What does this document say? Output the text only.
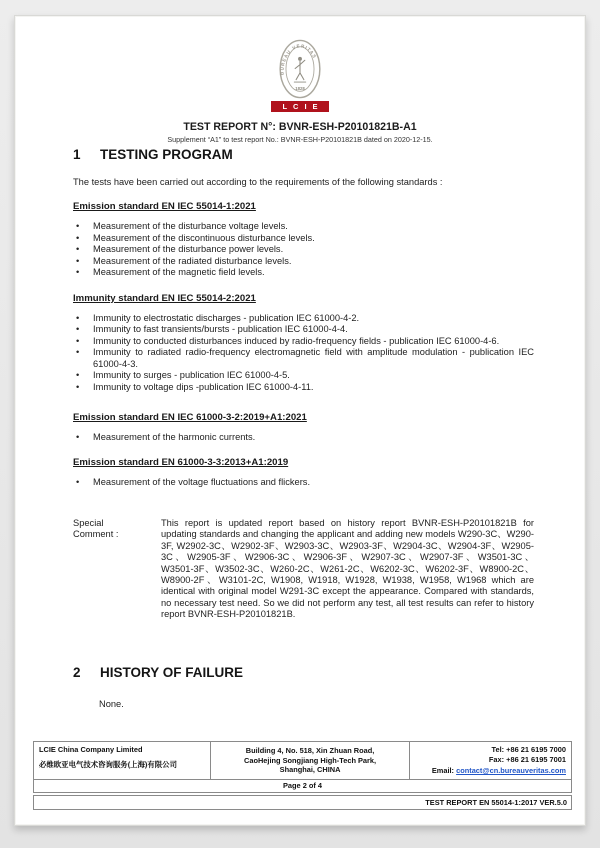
BUREAU VERITAS
1828
LCIE
TEST REPORT N°: BVNR-ESH-P20101821B-A1
Supplement “A1” to test report No.: BVNR-ESH-P20101821B dated on 2020-12-15.
1 TESTING PROGRAM

The tests have been carried out according to the requirements of the following standards :

Emission standard EN IEC 55014-1:2021
• Measurement of the disturbance voltage levels.
• Measurement of the discontinuous disturbance levels.
• Measurement of the disturbance power levels.
• Measurement of the radiated disturbance levels.
• Measurement of the magnetic field levels.
Immunity standard EN IEC 55014-2:2021
• Immunity to electrostatic discharges - publication IEC 61000-4-2.
• Immunity to fast transients/bursts - publication IEC 61000-4-4.
• Immunity to conducted disturbances induced by radio-frequency fields - publication IEC 61000-4-6.
• Immunity to radiated radio-frequency electromagnetic field with amplitude modulation - publication IEC 61000-4-3.
• Immunity to surges - publication IEC 61000-4-5.
• Immunity to voltage dips -publication IEC 61000-4-11.
Emission standard EN IEC 61000-3-2:2019+A1:2021
• Measurement of the harmonic currents.
Emission standard EN 61000-3-3:2013+A1:2019
• Measurement of the voltage fluctuations and flickers.
Special
Comment :
This report is updated report based on history report BVNR-ESH-P20101821B for updating standards and changing the applicant and adding new models W290-3C、W290-3F, W2902-3C、W2902-3F、W2903-3C、W2903-3F、W2904-3C、W2904-3F、W2905-3C、W2905-3F、W2906-3C、W2906-3F、W2907-3C、W2907-3F、W3501-3C、W3501-3F、W3502-3C、W260-2C、W261-2C、W6202-3C、W6202-3F、W8900-2C、W8900-2F、W3101-2C, W1908, W1918, W1928, W1938, W1958, W1968 which are identical with original model W291-3C except the appearance. Compared with standards, no necessary test need. So we did not perform any test, all test results can refer to history report BVNR-ESH-P20101821B.
2 HISTORY OF FAILURE
None.
LCIE China Company Limited
必维欧亚电气技术咨询服务(上海)有限公司
Building 4, No. 518, Xin Zhuan Road,
CaoHejing Songjiang High-Tech Park,
Shanghai, CHINA
Tel: +86 21 6195 7000
Fax: +86 21 6195 7001
Email: contact@cn.bureauveritas.com
Page 2 of 4
TEST REPORT EN 55014-1:2017 VER.5.0
